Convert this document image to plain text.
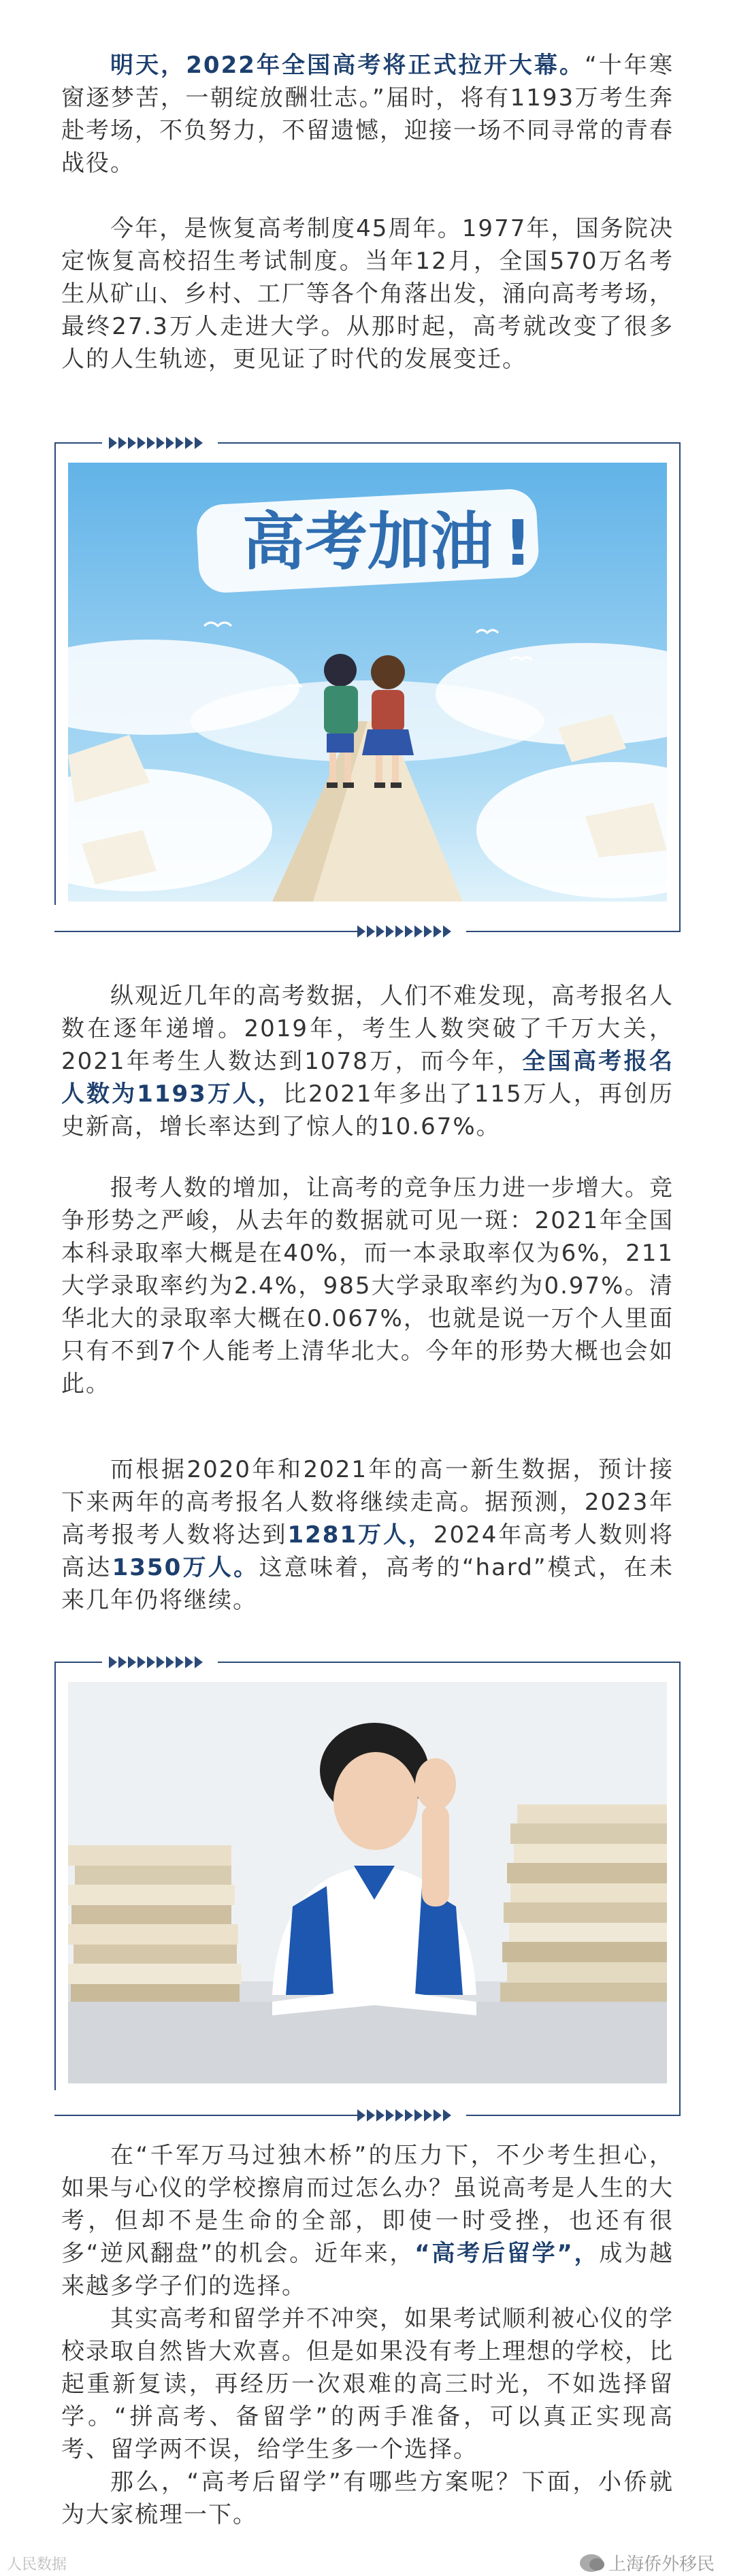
明天，2022年全国高考将正式拉开大幕。“十年寒窗逐梦苦，一朝绽放酬壮志。”届时，将有1193万考生奔赴考场，不负努力，不留遗憾，迎接一场不同寻常的青春战役。

今年，是恢复高考制度45周年。1977年，国务院决定恢复高校招生考试制度。当年12月，全国570万名考生从矿山、乡村、工厂等各个角落出发，涌向高考考场，最终27.3万人走进大学。从那时起，高考就改变了很多人的人生轨迹，更见证了时代的发展变迁。

高考加油 !

纵观近几年的高考数据，人们不难发现，高考报名人数在逐年递增。2019年，考生人数突破了千万大关，2021年考生人数达到1078万，而今年，全国高考报名人数为1193万人，比2021年多出了115万人，再创历史新高，增长率达到了惊人的10.67%。

报考人数的增加，让高考的竞争压力进一步增大。竞争形势之严峻，从去年的数据就可见一斑：2021年全国本科录取率大概是在40%，而一本录取率仅为6%，211大学录取率约为2.4%，985大学录取率约为0.97%。清华北大的录取率大概在0.067%，也就是说一万个人里面只有不到7个人能考上清华北大。今年的形势大概也会如此。

而根据2020年和2021年的高一新生数据，预计接下来两年的高考报名人数将继续走高。据预测，2023年高考报考人数将达到1281万人，2024年高考人数则将高达1350万人。这意味着，高考的“hard”模式，在未来几年仍将继续。

在“千军万马过独木桥”的压力下，不少考生担心，如果与心仪的学校擦肩而过怎么办？虽说高考是人生的大考，但却不是生命的全部，即使一时受挫，也还有很多“逆风翻盘”的机会。近年来，“高考后留学”，成为越来越多学子们的选择。

其实高考和留学并不冲突，如果考试顺利被心仪的学校录取自然皆大欢喜。但是如果没有考上理想的学校，比起重新复读，再经历一次艰难的高三时光，不如选择留学。“拼高考、备留学”的两手准备，可以真正实现高考、留学两不误，给学生多一个选择。

那么，“高考后留学”有哪些方案呢？下面，小侨就为大家梳理一下。

人民数据	上海侨外移民
